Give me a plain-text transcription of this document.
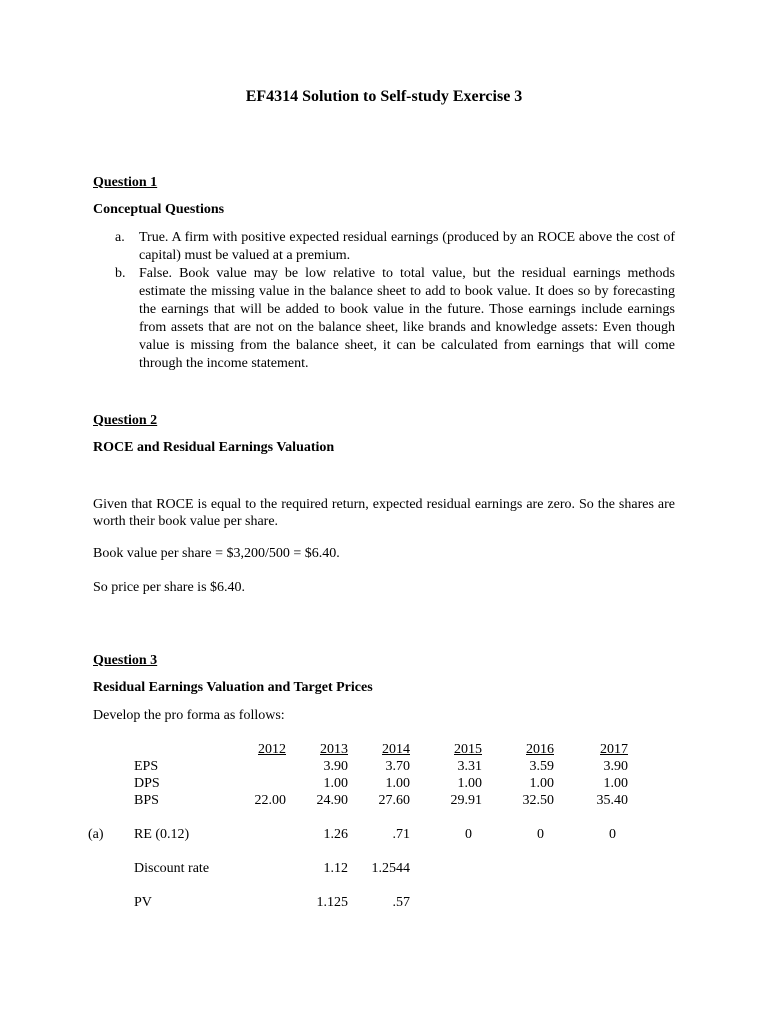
EF4314 Solution to Self-study Exercise 3
Question 1
Conceptual Questions
a. True. A firm with positive expected residual earnings (produced by an ROCE above the cost of capital) must be valued at a premium.
b. False. Book value may be low relative to total value, but the residual earnings methods estimate the missing value in the balance sheet to add to book value. It does so by forecasting the earnings that will be added to book value in the future. Those earnings include earnings from assets that are not on the balance sheet, like brands and knowledge assets: Even though value is missing from the balance sheet, it can be calculated from earnings that will come through the income statement.
Question 2
ROCE and Residual Earnings Valuation
Given that ROCE is equal to the required return, expected residual earnings are zero. So the shares are worth their book value per share.
Book value per share = $3,200/500 = $6.40.
So price per share is $6.40.
Question 3
Residual Earnings Valuation and Target Prices
Develop the pro forma as follows:
		2012	2013	2014	2015	2016	2017
	EPS		3.90	3.70	3.31	3.59	3.90
	DPS		1.00	1.00	1.00	1.00	1.00
	BPS	22.00	24.90	27.60	29.91	32.50	35.40

(a)	RE (0.12)		1.26	.71	0	0	0

	Discount rate		1.12	1.2544			

	PV		1.125	.57			
